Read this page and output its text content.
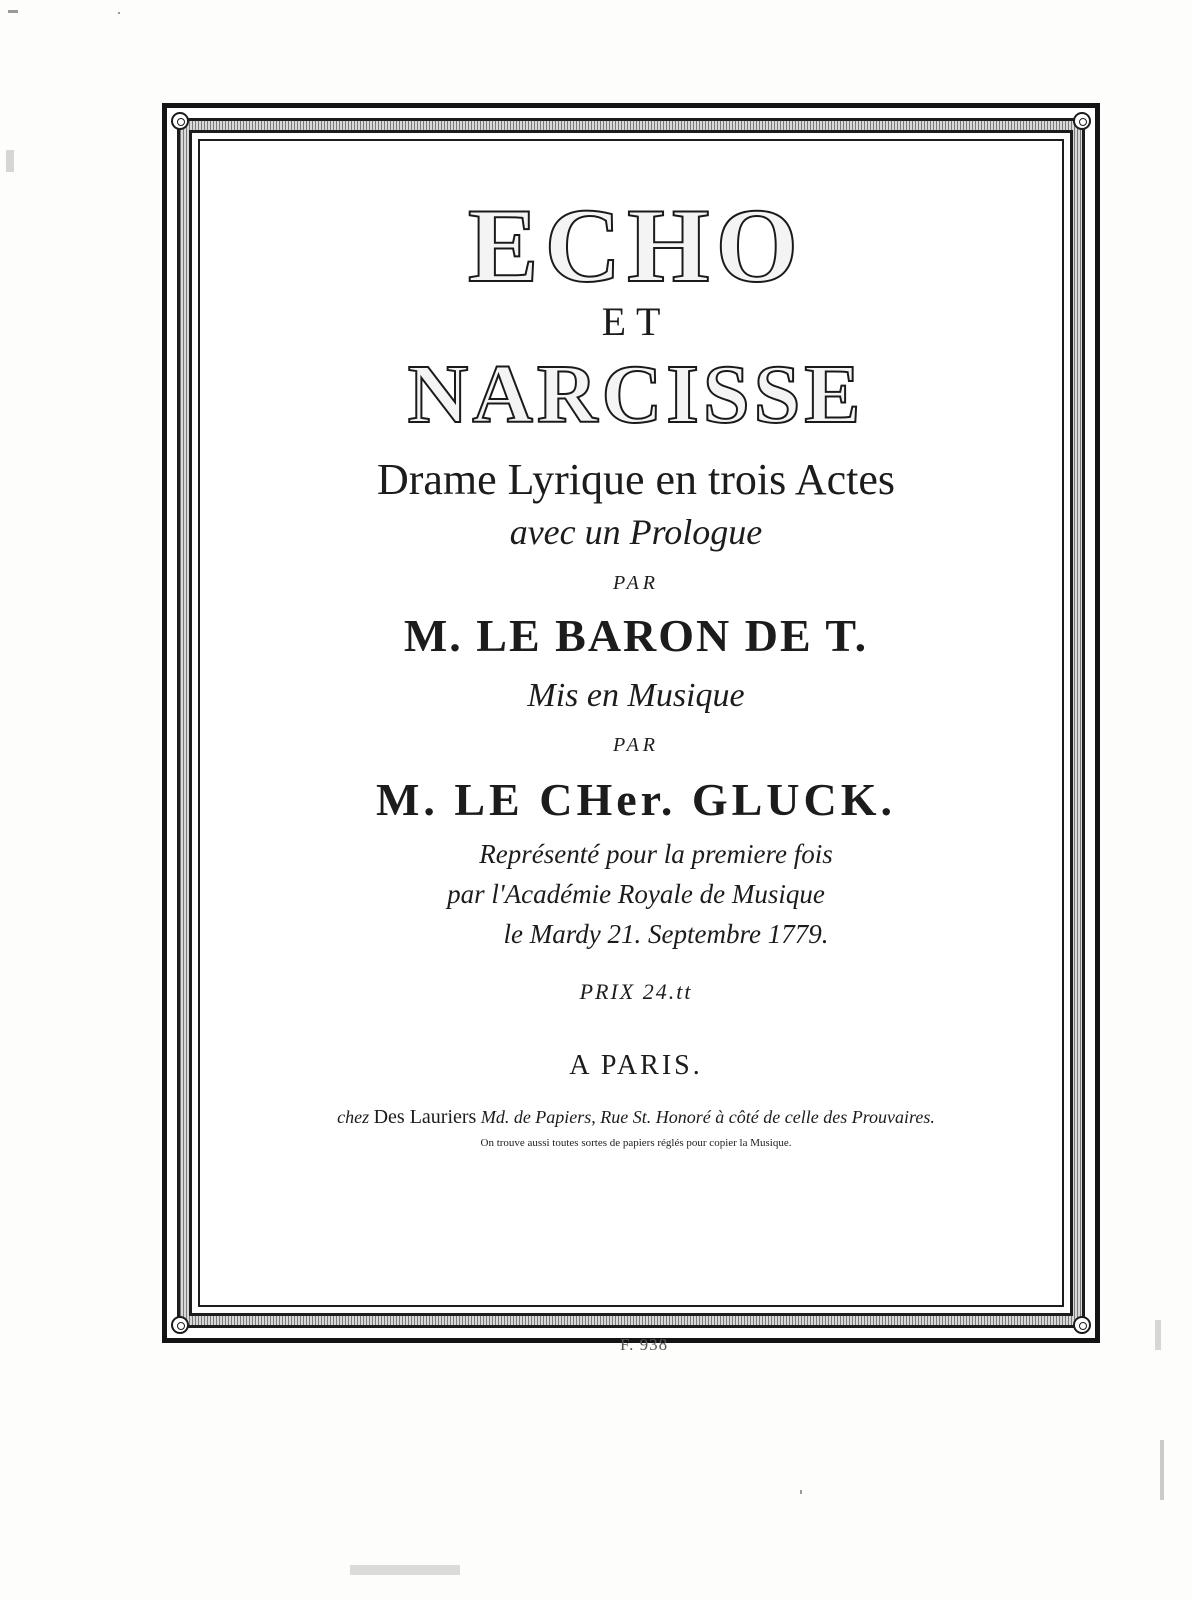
ECHO
ET
NARCISSE
Drame Lyrique en trois Actes
avec un Prologue
PAR
M. LE BARON DE T.
Mis en Musique
PAR
M. LE CHer. GLUCK.
Représenté pour la premiere fois
par l'Académie Royale de Musique
le Mardy 21. Septembre 1779.
PRIX 24.tt
A PARIS.
chez Des Lauriers Md. de Papiers, Rue St. Honoré à côté de celle des Prouvaires.
On trouve aussi toutes sortes de papiers réglés pour copier la Musique.
F. 938
